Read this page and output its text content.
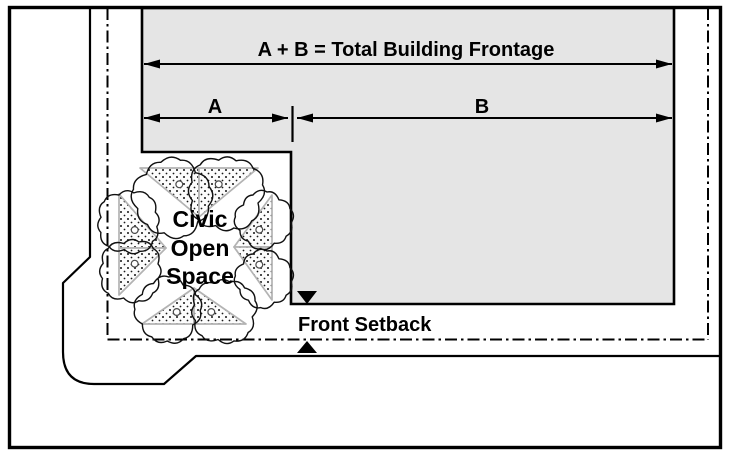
Civic
Open
Space
A + B = Total Building Frontage
A	B
Front Setback
